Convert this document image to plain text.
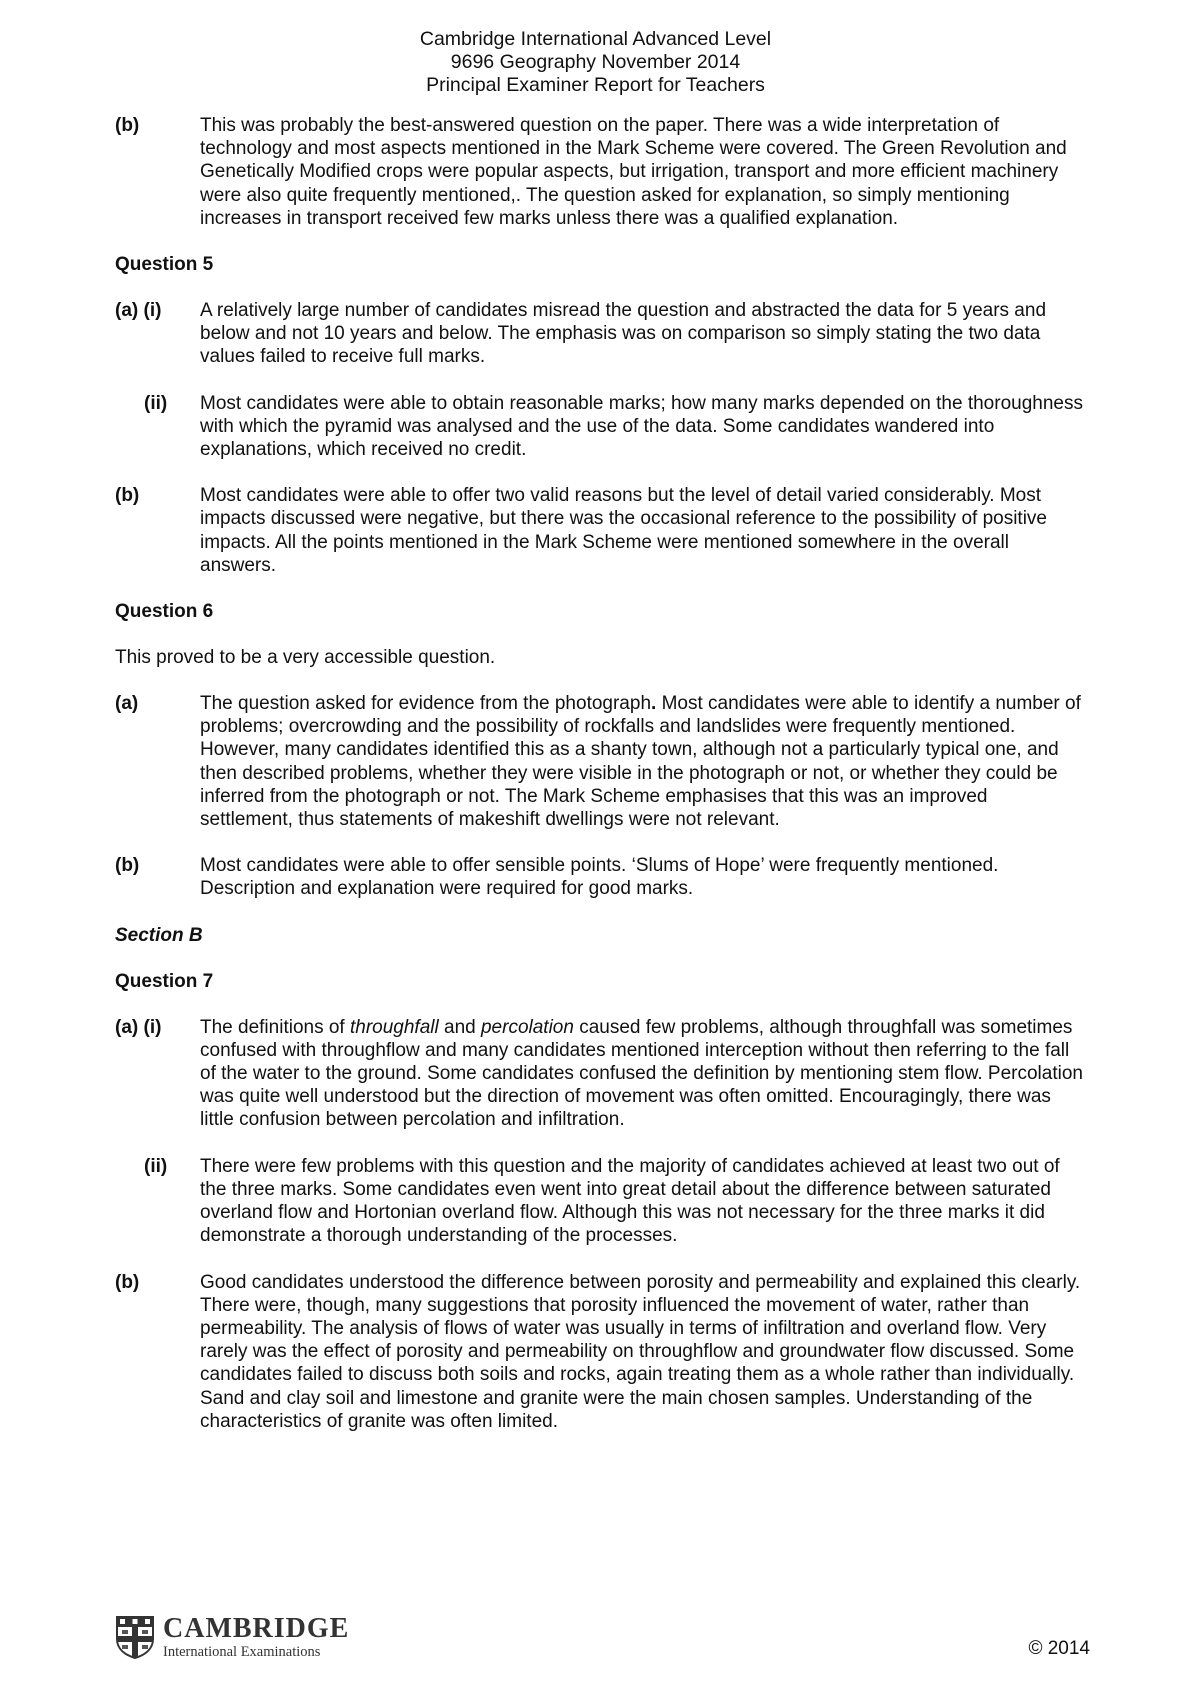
Cambridge International Advanced Level
9696 Geography November 2014
Principal Examiner Report for Teachers
(b)	This was probably the best-answered question on the paper. There was a wide interpretation of technology and most aspects mentioned in the Mark Scheme were covered. The Green Revolution and Genetically Modified crops were popular aspects, but irrigation, transport and more efficient machinery were also quite frequently mentioned,. The question asked for explanation, so simply mentioning increases in transport received few marks unless there was a qualified explanation.
Question 5
(a) (i) A relatively large number of candidates misread the question and abstracted the data for 5 years and below and not 10 years and below. The emphasis was on comparison so simply stating the two data values failed to receive full marks.
(ii) Most candidates were able to obtain reasonable marks; how many marks depended on the thoroughness with which the pyramid was analysed and the use of the data. Some candidates wandered into explanations, which received no credit.
(b)	Most candidates were able to offer two valid reasons but the level of detail varied considerably. Most impacts discussed were negative, but there was the occasional reference to the possibility of positive impacts. All the points mentioned in the Mark Scheme were mentioned somewhere in the overall answers.
Question 6
This proved to be a very accessible question.
(a)	The question asked for evidence from the photograph. Most candidates were able to identify a number of problems; overcrowding and the possibility of rockfalls and landslides were frequently mentioned. However, many candidates identified this as a shanty town, although not a particularly typical one, and then described problems, whether they were visible in the photograph or not, or whether they could be inferred from the photograph or not. The Mark Scheme emphasises that this was an improved settlement, thus statements of makeshift dwellings were not relevant.
(b)	Most candidates were able to offer sensible points. ‘Slums of Hope’ were frequently mentioned. Description and explanation were required for good marks.
Section B
Question 7
(a) (i) The definitions of throughfall and percolation caused few problems, although throughfall was sometimes confused with throughflow and many candidates mentioned interception without then referring to the fall of the water to the ground. Some candidates confused the definition by mentioning stem flow. Percolation was quite well understood but the direction of movement was often omitted. Encouragingly, there was little confusion between percolation and infiltration.
(ii) There were few problems with this question and the majority of candidates achieved at least two out of the three marks. Some candidates even went into great detail about the difference between saturated overland flow and Hortonian overland flow. Although this was not necessary for the three marks it did demonstrate a thorough understanding of the processes.
(b)	Good candidates understood the difference between porosity and permeability and explained this clearly. There were, though, many suggestions that porosity influenced the movement of water, rather than permeability. The analysis of flows of water was usually in terms of infiltration and overland flow. Very rarely was the effect of porosity and permeability on throughflow and groundwater flow discussed. Some candidates failed to discuss both soils and rocks, again treating them as a whole rather than individually. Sand and clay soil and limestone and granite were the main chosen samples. Understanding of the characteristics of granite was often limited.
CAMBRIDGE
International Examinations	© 2014
